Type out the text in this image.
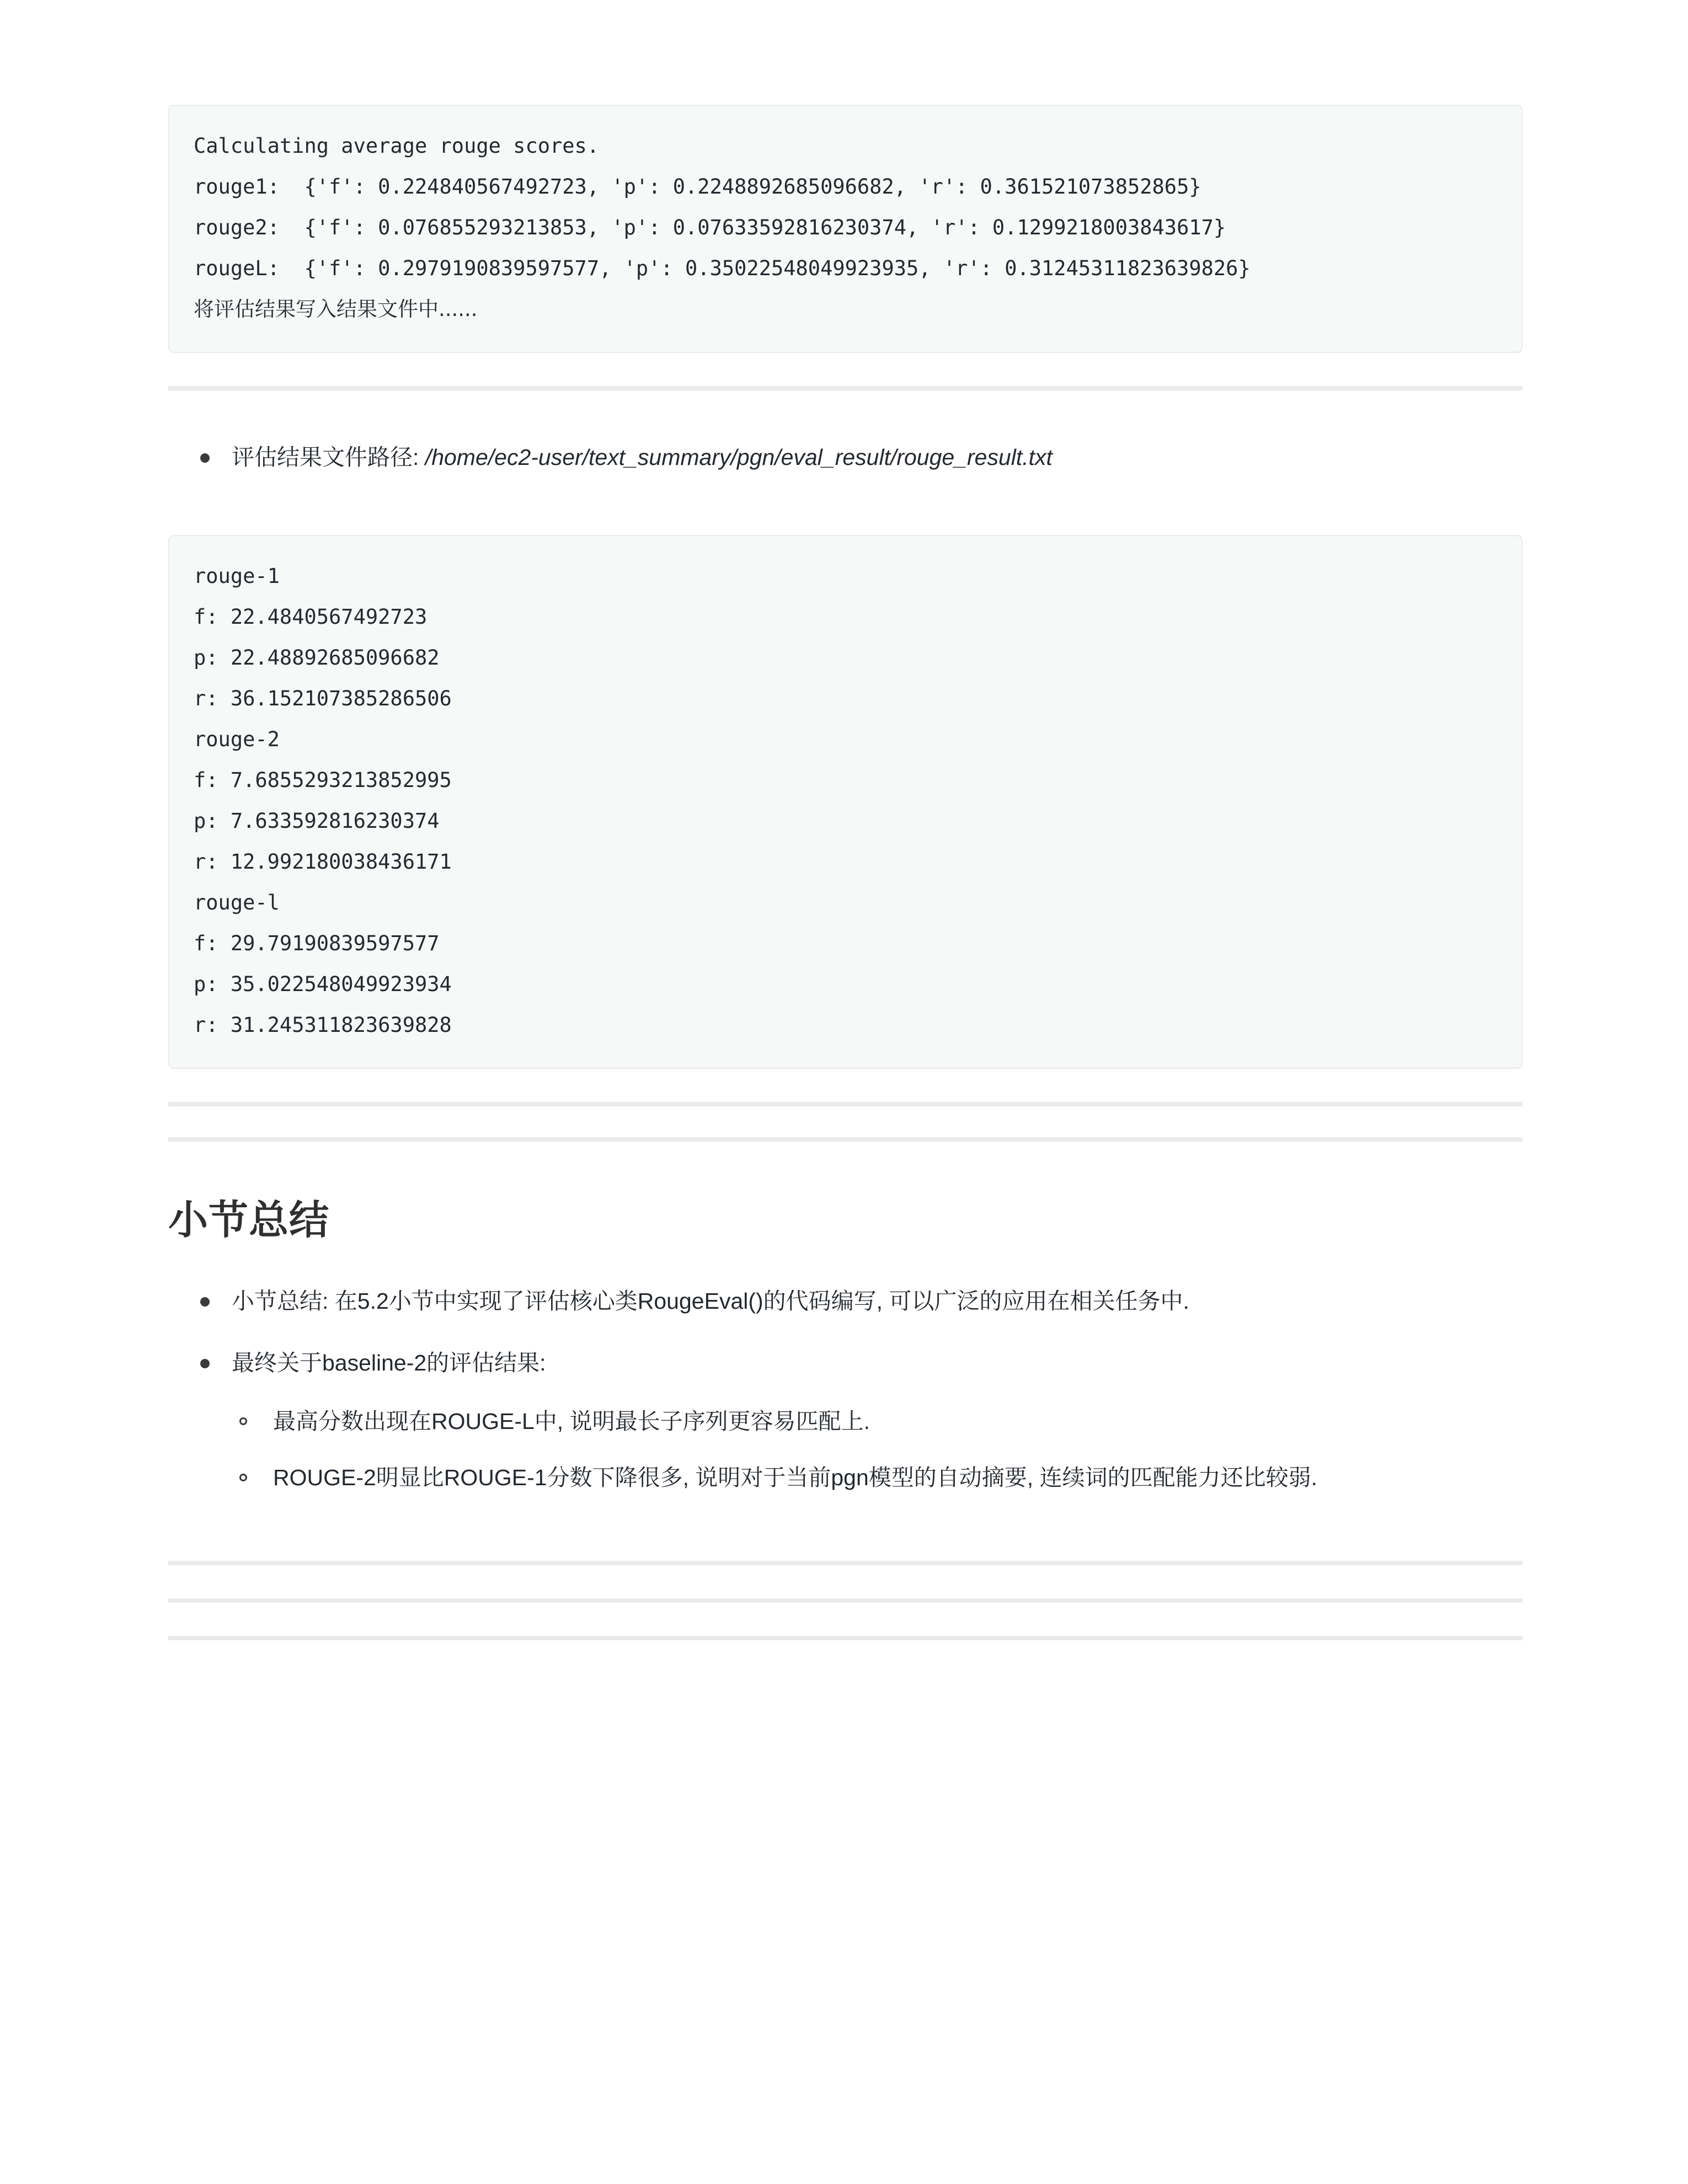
Calculating average rouge scores.
rouge1:  {'f': 0.224840567492723, 'p': 0.2248892685096682, 'r': 0.361521073852865}
rouge2:  {'f': 0.076855293213853, 'p': 0.07633592816230374, 'r': 0.1299218003843617}
rougeL:  {'f': 0.2979190839597577, 'p': 0.35022548049923935, 'r': 0.31245311823639826}
将评估结果写入结果文件中......
评估结果文件路径: /home/ec2-user/text_summary/pgn/eval_result/rouge_result.txt
rouge-1
f: 22.4840567492723
p: 22.48892685096682
r: 36.152107385286506
rouge-2
f: 7.6855293213852995
p: 7.633592816230374
r: 12.992180038436171
rouge-l
f: 29.79190839597577
p: 35.022548049923934
r: 31.245311823639828
小节总结
小节总结: 在5.2小节中实现了评估核心类RougeEval()的代码编写, 可以广泛的应用在相关任务中.
最终关于baseline-2的评估结果:
最高分数出现在ROUGE-L中, 说明最长子序列更容易匹配上.
ROUGE-2明显比ROUGE-1分数下降很多, 说明对于当前pgn模型的自动摘要, 连续词的匹配能力还比较弱.
